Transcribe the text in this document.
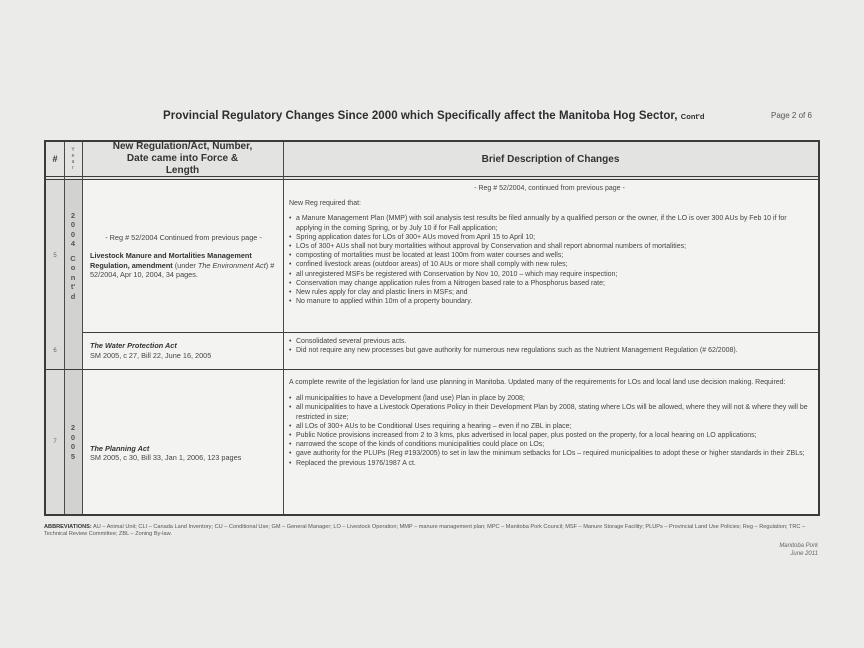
Provincial Regulatory Changes Since 2000 which Specifically affect the Manitoba Hog Sector, Cont'd	Page 2 of 6
#
Y
e
a
r
New Regulation/Act, Number, Date came into Force & Length
Brief Description of Changes
5
2
0
0
4
C
o
n
t'
d
- Reg # 52/2004 Continued from previous page -
Livestock Manure and Mortalities Management Regulation, amendment (under The Environment Act) # 52/2004, Apr 10, 2004, 34 pages.
- Reg # 52/2004, continued from previous page -
New Reg required that:
• a Manure Management Plan (MMP) with soil analysis test results be filed annually by a qualified person or the owner, if the LO is over 300 AUs by Feb 10 if for applying in the coming Spring, or by July 10 if for Fall application;
• Spring application dates for LOs of 300+ AUs moved from April 15 to April 10;
• LOs of 300+ AUs shall not bury mortalities without approval by Conservation and shall report abnormal numbers of mortalities;
• composting of mortalities must be located at least 100m from water courses and wells;
• confined livestock areas (outdoor areas) of 10 AUs or more shall comply with new rules;
• all unregistered MSFs be registered with Conservation by Nov 10, 2010 – which may require inspection;
• Conservation may change application rules from a Nitrogen based rate to a Phosphorus based rate;
• New rules apply for clay and plastic liners in MSFs; and
• No manure to applied within 10m of a property boundary.
6
The Water Protection Act
SM 2005, c 27, Bill 22, June 16, 2005
• Consolidated several previous acts.
• Did not require any new processes but gave authority for numerous new regulations such as the Nutrient Management Regulation (# 62/2008).
7
2
0
0
5
The Planning Act
SM 2005, c 30, Bill 33, Jan 1, 2006, 123 pages
A complete rewrite of the legislation for land use planning in Manitoba. Updated many of the requirements for LOs and local land use decision making. Required:
• all municipalities to have a Development (land use) Plan in place by 2008;
• all municipalities to have a Livestock Operations Policy in their Development Plan by 2008, stating where LOs will be allowed, where they will not & where they will be restricted in size;
• all LOs of 300+ AUs to be Conditional Uses requiring a hearing – even if no ZBL in place;
• Public Notice provisions increased from 2 to 3 kms, plus advertised in local paper, plus posted on the property, for a local hearing on LO applications;
• narrowed the scope of the kinds of conditions municipalities could place on LOs;
• gave authority for the PLUPs (Reg #193/2005) to set in law the minimum setbacks for LOs – required municipalities to adopt these or higher standards in their ZBLs;
• Replaced the previous 1976/1987 A ct.
ABBREVIATIONS: AU – Animal Unit; CLI – Canada Land Inventory; CU – Conditional Use; GM – General Manager; LO – Livestock Operation; MMP – manure management plan; MPC – Manitoba Pork Council; MSF – Manure Storage Facility; PLUPs – Provincial Land Use Policies; Reg – Regulation; TRC – Technical Review Committee; ZBL – Zoning By-law.
Manitoba Pork
June 2011
